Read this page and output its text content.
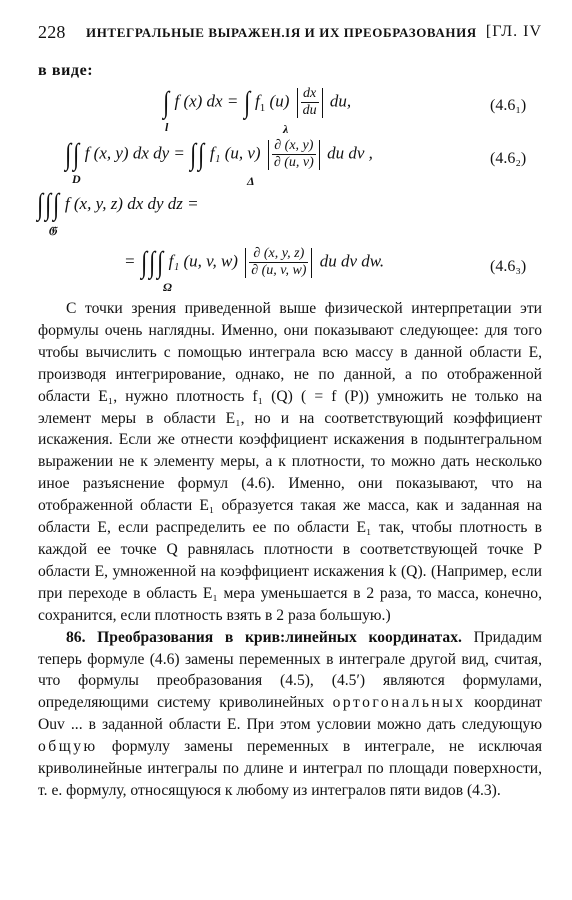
228 ИНТЕГРАЛЬНЫЕ ВЫРАЖЕН.IЯ И ИХ ПРЕОБРАЗОВАНИЯ [ГЛ. IV
в виде:
∫ f (x) dx = ∫ $f_1$ $(u) \frac{dx}{du}$ du,
l	λ
(4.6₁)
∫∫ f (x, y) dx dy = ∫∫ f₁ (u, $v) \frac{\partial (x, y)}{\partial (u, v)}$ du dv ,
D	Δ
(4.6₂)
∫∫∫ f (x, y, z) dx dy dz =
𝔊
= ∫∫∫ f₁ (u, v, $w) \frac{\partial (x, y, z)}{\partial (u, v, w)}$ du dv dw.
Ω
(4.6₃)

С точки зрения приведенной выше физической интерпретации эти формулы очень наглядны. Именно, они показывают следующее: для того чтобы вычислить с помощью интеграла всю массу в данной области E, производя интегрирование, однако, не по данной, а по отображенной области E₁, нужно плотность f₁ (Q) ( = f (P)) умножить не только на элемент меры в области E₁, но и на соответствующий коэффициент искажения. Если же отнести коэффициент искажения в подынтегральном выражении не к элементу меры, а к плотности, то можно дать несколько иное разъяснение формул (4.6). Именно, они показывают, что на отображенной области E₁ образуется такая же масса, как и заданная на области E, если распределить ее по области E₁ так, чтобы плотность в каждой ее точке Q равнялась плотности в соответствующей точке P области E, умноженной на коэффициент искажения k (Q). (Например, если при переходе в область E₁ мера уменьшается в 2 раза, то масса, конечно, сохранится, если плотность взять в 2 раза большую.)

86. Преобразования в крив:линейных координатах. Придадим теперь формуле (4.6) замены переменных в интеграле другой вид, считая, что формулы преобразования (4.5), (4.5′) являются формулами, определяющими систему криволинейных ортогональных координат Ouv ... в заданной области E. При этом условии можно дать следующую общую формулу замены переменных в интеграле, не исключая криволинейные интегралы по длине и интеграл по площади поверхности, т. е. формулу, относящуюся к любому из интегралов пяти видов (4.3).
